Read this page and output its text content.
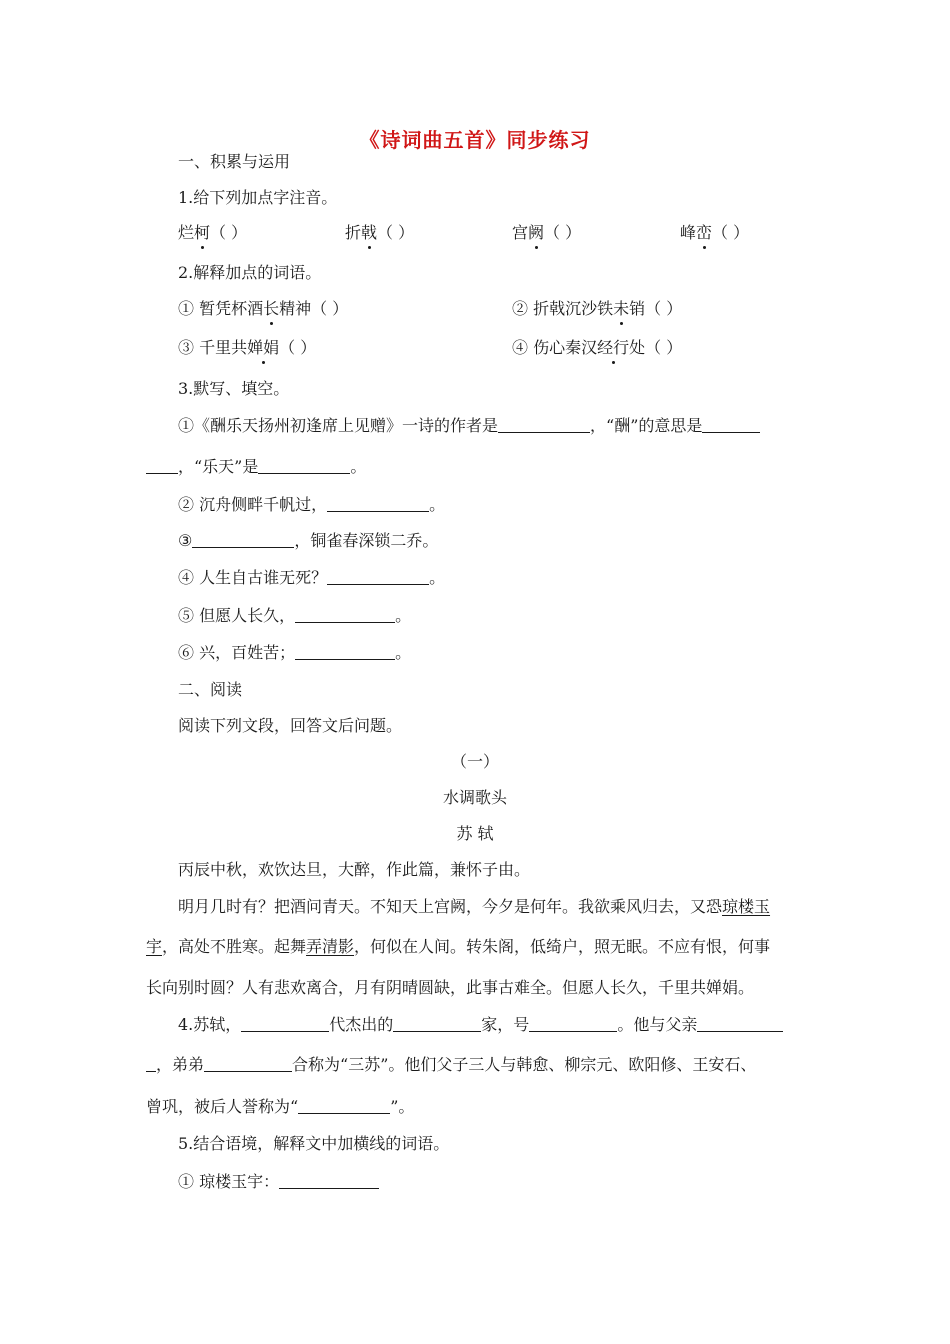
《诗词曲五首》同步练习
一、积累与运用
1.给下列加点字注音。
烂柯（ ）	折戟（ ）	宫阙（ ）	峰峦（ ）
2.解释加点的词语。
① 暂凭杯酒长精神（ ）	② 折戟沉沙铁未销（ ）
③ 千里共婵娟（ ）	④ 伤心秦汉经行处（ ）
3.默写、填空。
①《酬乐天扬州初逢席上见赠》一诗的作者是	，“酬”的意思是
，“乐天”是	。
② 沉舟侧畔千帆过，	。
③	，铜雀春深锁二乔。
④ 人生自古谁无死？	。
⑤ 但愿人长久，	。
⑥ 兴，百姓苦；	。
二、阅读
阅读下列文段，回答文后问题。
（一）
水调歌头
苏 轼
丙辰中秋，欢饮达旦，大醉，作此篇，兼怀子由。
明月几时有？把酒问青天。不知天上宫阙，今夕是何年。我欲乘风归去，又恐琼楼玉
宇，高处不胜寒。起舞弄清影，何似在人间。转朱阁，低绮户，照无眠。不应有恨，何事
长向别时圆？人有悲欢离合，月有阴晴圆缺，此事古难全。但愿人长久，千里共婵娟。
4.苏轼，	代杰出的	家，号	。他与父亲
，弟弟	合称为“三苏”。他们父子三人与韩愈、柳宗元、欧阳修、王安石、
曾巩，被后人誉称为“	”。
5.结合语境，解释文中加横线的词语。
① 琼楼玉宇：
